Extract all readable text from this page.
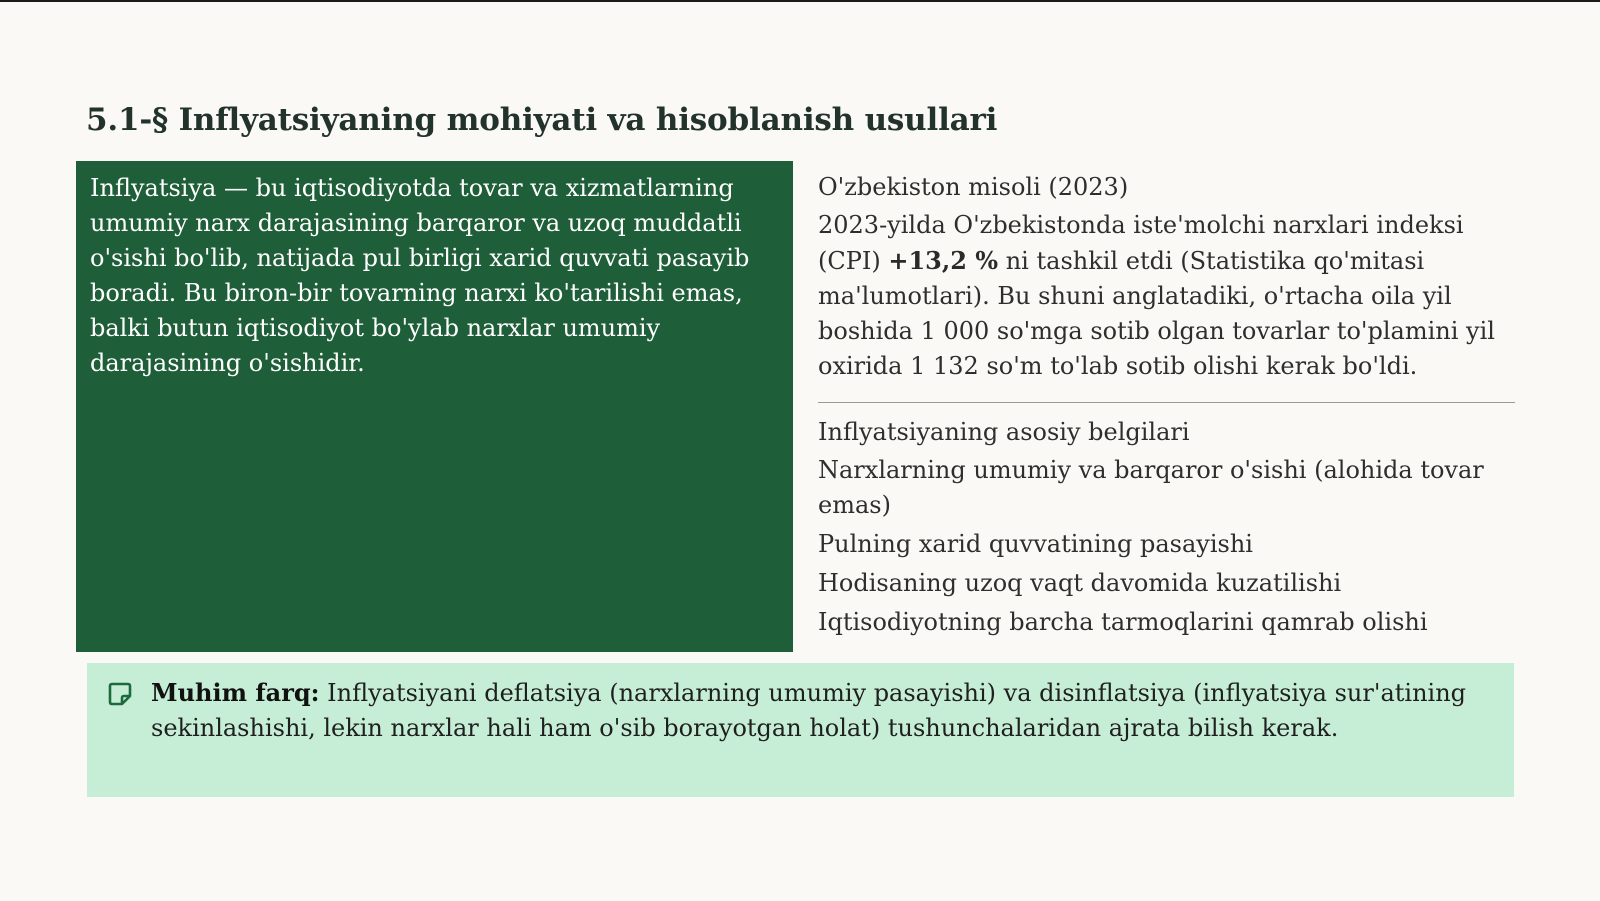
5.1-§ Inflyatsiyaning mohiyati va hisoblanish usullari

Inflyatsiya — bu iqtisodiyotda tovar va xizmatlarning umumiy narx darajasining barqaror va uzoq muddatli o'sishi bo'lib, natijada pul birligi xarid quvvati pasayib boradi. Bu biron-bir tovarning narxi ko'tarilishi emas, balki butun iqtisodiyot bo'ylab narxlar umumiy darajasining o'sishidir.

O'zbekiston misoli (2023)

2023-yilda O'zbekistonda iste'molchi narxlari indeksi (CPI) +13,2 % ni tashkil etdi (Statistika qo'mitasi ma'lumotlari). Bu shuni anglatadiki, o'rtacha oila yil boshida 1 000 so'mga sotib olgan tovarlar to'plamini yil oxirida 1 132 so'm to'lab sotib olishi kerak bo'ldi.

Inflyatsiyaning asosiy belgilari
Narxlarning umumiy va barqaror o'sishi (alohida tovar emas)
Pulning xarid quvvatining pasayishi
Hodisaning uzoq vaqt davomida kuzatilishi
Iqtisodiyotning barcha tarmoqlarini qamrab olishi

Muhim farq: Inflyatsiyani deflatsiya (narxlarning umumiy pasayishi) va disinflatsiya (inflyatsiya sur'atining sekinlashishi, lekin narxlar hali ham o'sib borayotgan holat) tushunchalaridan ajrata bilish kerak.
